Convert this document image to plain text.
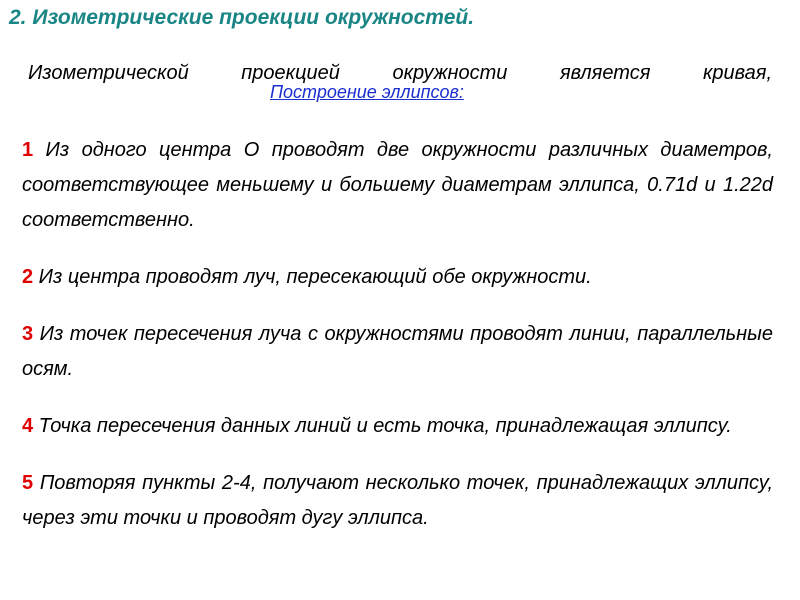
2. Изометрические проекции окружностей.
Изометрической проекцией окружности является кривая,
Построение эллипсов:

1 Из одного центра О проводят две окружности различных диаметров, соответствующее меньшему и большему диаметрам эллипса, 0.71d и 1.22d соответственно.

2 Из центра проводят луч, пересекающий обе окружности.

3 Из точек пересечения луча с окружностями проводят линии, параллельные осям.

4 Точка пересечения данных линий и есть точка, принадлежащая эллипсу.

5 Повторяя пункты 2-4, получают несколько точек, принадлежащих эллипсу, через эти точки и проводят дугу эллипса.
